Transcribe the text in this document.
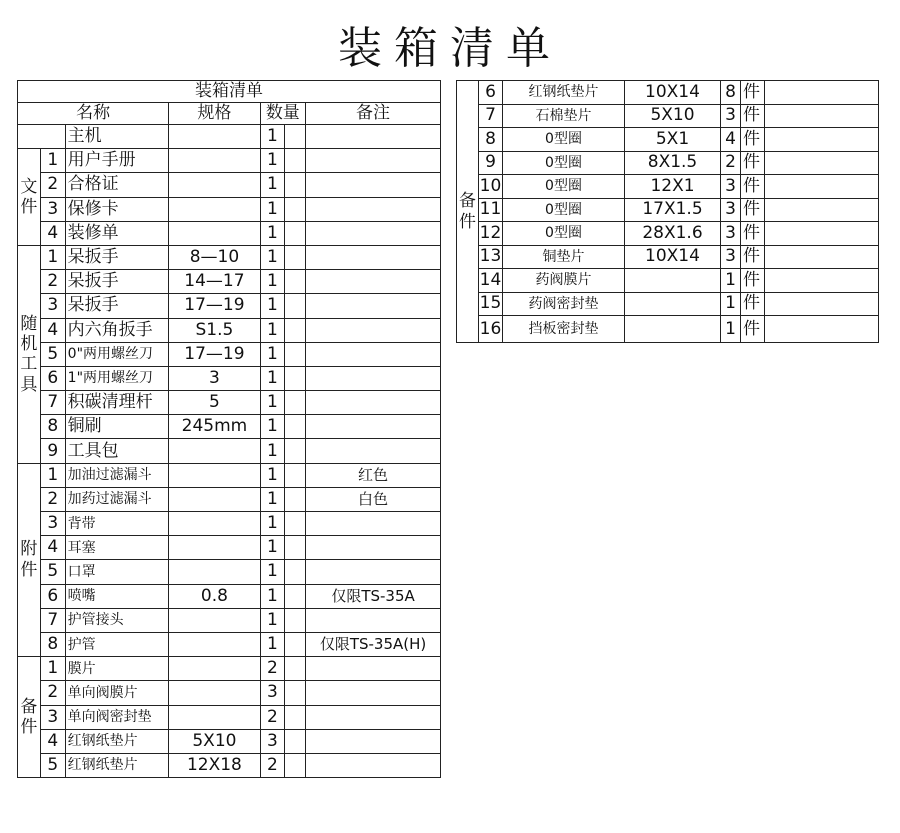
装箱清单
装箱清单						
名称			规格	数量		备注
		主机		1		
文件	1	用户手册		1		
	2	合格证		1		
	3	保修卡		1		
	4	装修单		1		
随机工具	1	呆扳手	8—10	1		
	2	呆扳手	14—17	1		
	3	呆扳手	17—19	1		
	4	内六角扳手	S1.5	1		
	5	0"两用螺丝刀	17—19	1		
	6	1"两用螺丝刀	3	1		
	7	积碳清理杆	5	1		
	8	铜刷	245mm	1		
	9	工具包		1		
附件	1	加油过滤漏斗		1		红色
	2	加药过滤漏斗		1		白色
	3	背带		1		
	4	耳塞		1		
	5	口罩		1		
	6	喷嘴	0.8	1		仅限TS-35A
	7	护管接头		1		
	8	护管		1		仅限TS-35A(H)
备件	1	膜片		2		
	2	单向阀膜片		3		
	3	单向阀密封垫		2		
	4	红钢纸垫片	5X10	3		
	5	红钢纸垫片	12X18	2		
备件	6	红钢纸垫片	10X14	8	件	
	7	石棉垫片	5X10	3	件	
	8	0型圈	5X1	4	件	
	9	0型圈	8X1.5	2	件	
	10	0型圈	12X1	3	件	
	11	0型圈	17X1.5	3	件	
	12	0型圈	28X1.6	3	件	
	13	铜垫片	10X14	3	件	
	14	药阀膜片		1	件	
	15	药阀密封垫		1	件	
	16	挡板密封垫		1	件	
